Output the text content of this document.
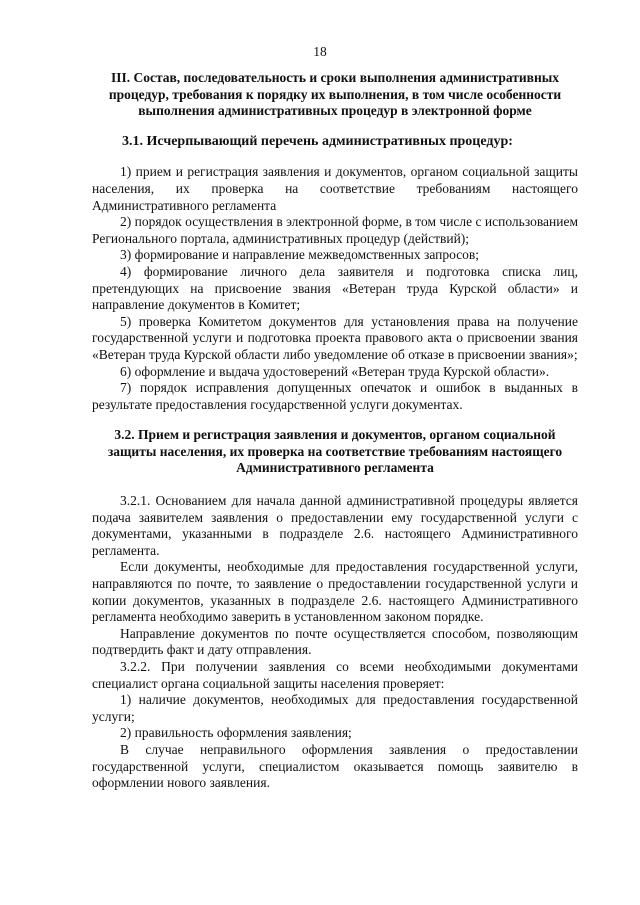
18
III. Состав, последовательность и сроки выполнения административных процедур, требования к порядку их выполнения, в том числе особенности выполнения административных процедур в электронной форме
3.1. Исчерпывающий перечень административных процедур:

1) прием и регистрация заявления и документов, органом социальной защиты населения, их проверка на соответствие требованиям настоящего Административного регламента

2) порядок осуществления в электронной форме, в том числе с использованием Регионального портала, административных процедур (действий);

3) формирование и направление межведомственных запросов;

4) формирование личного дела заявителя и подготовка списка лиц, претендующих на присвоение звания «Ветеран труда Курской области» и направление документов в Комитет;

5) проверка Комитетом документов для установления права на получение государственной услуги и подготовка проекта правового акта о присвоении звания «Ветеран труда Курской области либо уведомление об отказе в присвоении звания»;

6) оформление и выдача удостоверений «Ветеран труда Курской области».

7) порядок исправления допущенных опечаток и ошибок в выданных в результате предоставления государственной услуги документах.

3.2. Прием и регистрация заявления и документов, органом социальной защиты населения, их проверка на соответствие требованиям настоящего Административного регламента

3.2.1. Основанием для начала данной административной процедуры является подача заявителем заявления о предоставлении ему государственной услуги с документами, указанными в подразделе 2.6. настоящего Административного регламента.

Если документы, необходимые для предоставления государственной услуги, направляются по почте, то заявление о предоставлении государственной услуги и копии документов, указанных в подразделе 2.6. настоящего Административного регламента необходимо заверить в установленном законом порядке.

Направление документов по почте осуществляется способом, позволяющим подтвердить факт и дату отправления.

3.2.2. При получении заявления со всеми необходимыми документами специалист органа социальной защиты населения проверяет:

1) наличие документов, необходимых для предоставления государственной услуги;

2) правильность оформления заявления;

В случае неправильного оформления заявления о предоставлении государственной услуги, специалистом оказывается помощь заявителю в оформлении нового заявления.
